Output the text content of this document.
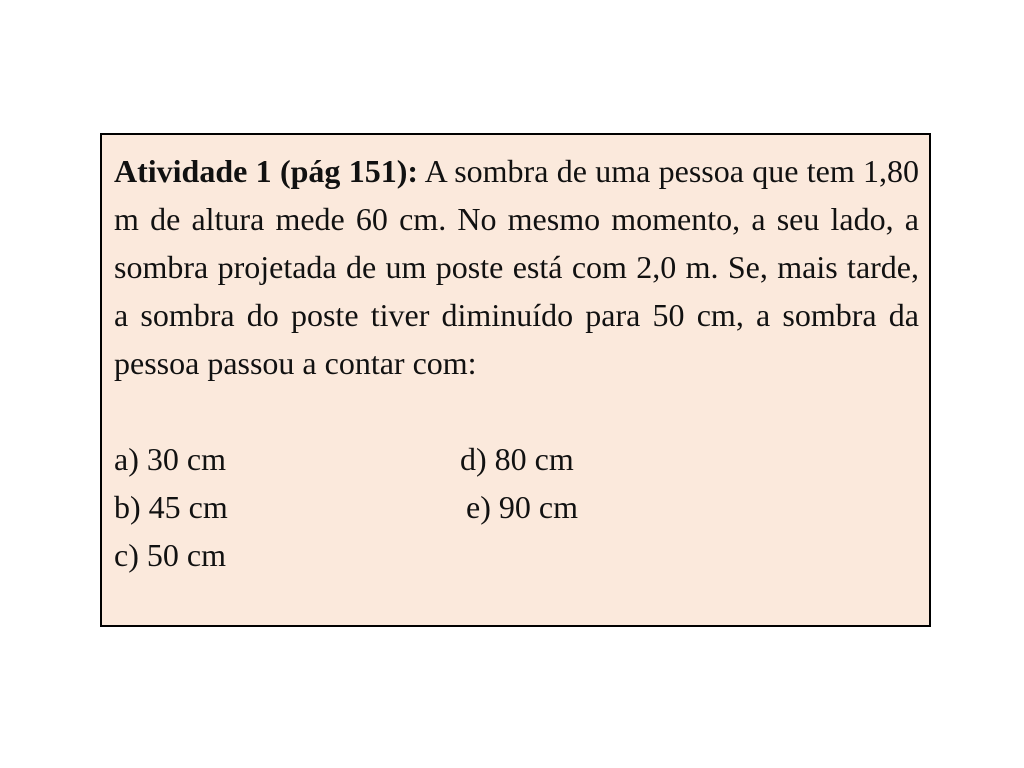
Atividade 1 (pág 151): A sombra de uma pessoa que tem 1,80 m de altura mede 60 cm. No mesmo momento, a seu lado, a sombra projetada de um poste está com 2,0 m. Se, mais tarde, a sombra do poste tiver diminuído para 50 cm, a sombra da pessoa passou a contar com:

a) 30 cm	d) 80 cm
b) 45 cm	e) 90 cm
c) 50 cm
